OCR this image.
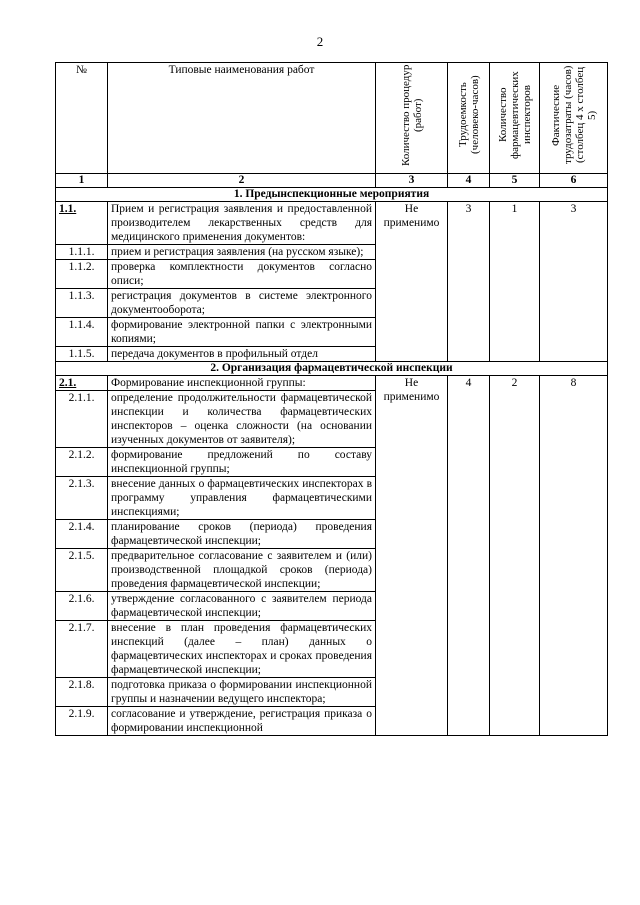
2
№	Типовые наименования работ	Количество процедур (работ)	Трудоемкость (человеко-часов)	Количество фармацевтических инспекторов	Фактические трудозатраты (часов) (столбец 4 х столбец 5)
1	2	3	4	5	6
1. Предынспекционные мероприятия					
1.1.	Прием и регистрация заявления и предоставленной производителем лекарственных средств для медицинского применения документов:	Не применимо	3	1	3
1.1.1.	прием и регистрация заявления (на русском языке);				
1.1.2.	проверка комплектности документов согласно описи;				
1.1.3.	регистрация документов в системе электронного документооборота;				
1.1.4.	формирование электронной папки с электронными копиями;				
1.1.5.	передача документов в профильный отдел				
2. Организация фармацевтической инспекции					
2.1.	Формирование инспекционной группы:	Не применимо	4	2	8
2.1.1.	определение продолжительности фармацевтической инспекции и количества фармацевтических инспекторов – оценка сложности (на основании изученных документов от заявителя);				
2.1.2.	формирование предложений по составу инспекционной группы;				
2.1.3.	внесение данных о фармацевтических инспекторах в программу управления фармацевтическими инспекциями;				
2.1.4.	планирование сроков (периода) проведения фармацевтической инспекции;				
2.1.5.	предварительное согласование с заявителем и (или) производственной площадкой сроков (периода) проведения фармацевтической инспекции;				
2.1.6.	утверждение согласованного с заявителем периода фармацевтической инспекции;				
2.1.7.	внесение в план проведения фармацевтических инспекций (далее – план) данных о фармацевтических инспекторах и сроках проведения фармацевтической инспекции;				
2.1.8.	подготовка приказа о формировании инспекционной группы и назначении ведущего инспектора;				
2.1.9.	согласование и утверждение, регистрация приказа о формировании инспекционной				
